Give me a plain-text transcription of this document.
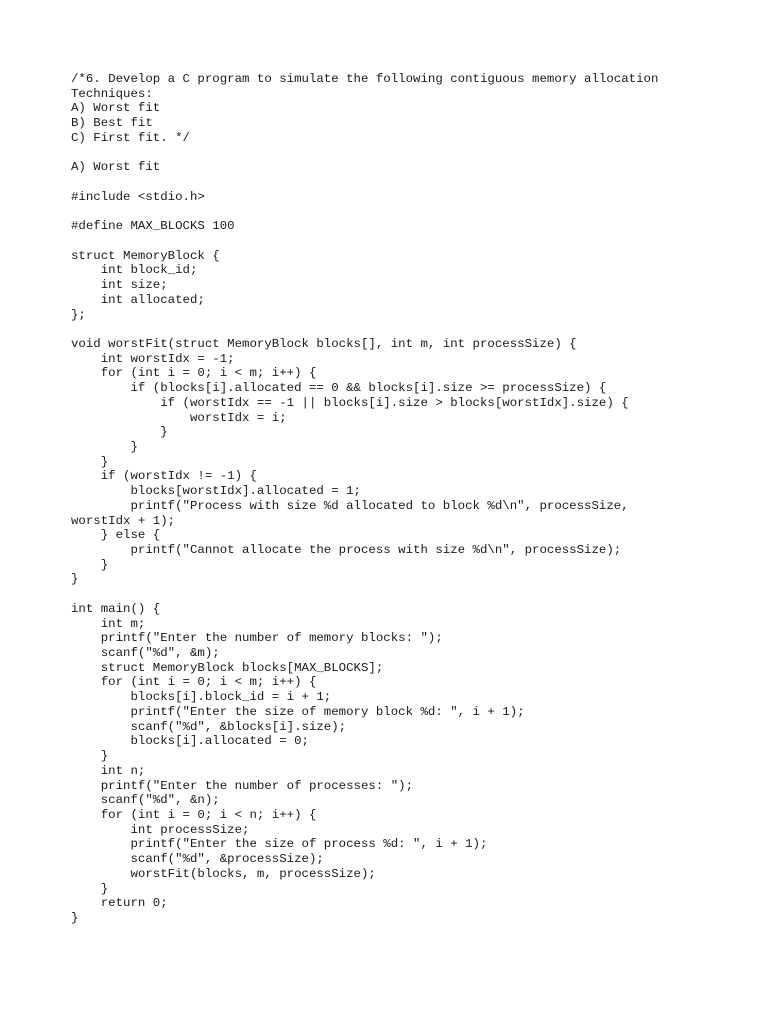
/*6. Develop a C program to simulate the following contiguous memory allocation
Techniques:
A) Worst fit
B) Best fit
C) First fit. */
A) Worst fit
#include <stdio.h>
#define MAX_BLOCKS 100
struct MemoryBlock {
int block_id;
int size;
int allocated;
};
void worstFit(struct MemoryBlock blocks[], int m, int processSize) {
int worstIdx = -1;
for (int i = 0; i < m; i++) {
if (blocks[i].allocated == 0 && blocks[i].size >= processSize) {
if (worstIdx == -1 || blocks[i].size > blocks[worstIdx].size) {
worstIdx = i;
}
}
}
if (worstIdx != -1) {
blocks[worstIdx].allocated = 1;
printf("Process with size %d allocated to block %d\n", processSize,
worstIdx + 1);
} else {
printf("Cannot allocate the process with size %d\n", processSize);
}
}
int main() {
int m;
printf("Enter the number of memory blocks: ");
scanf("%d", &m);
struct MemoryBlock blocks[MAX_BLOCKS];
for (int i = 0; i < m; i++) {
blocks[i].block_id = i + 1;
printf("Enter the size of memory block %d: ", i + 1);
scanf("%d", &blocks[i].size);
blocks[i].allocated = 0;
}
int n;
printf("Enter the number of processes: ");
scanf("%d", &n);
for (int i = 0; i < n; i++) {
int processSize;
printf("Enter the size of process %d: ", i + 1);
scanf("%d", &processSize);
worstFit(blocks, m, processSize);
}
return 0;
}
